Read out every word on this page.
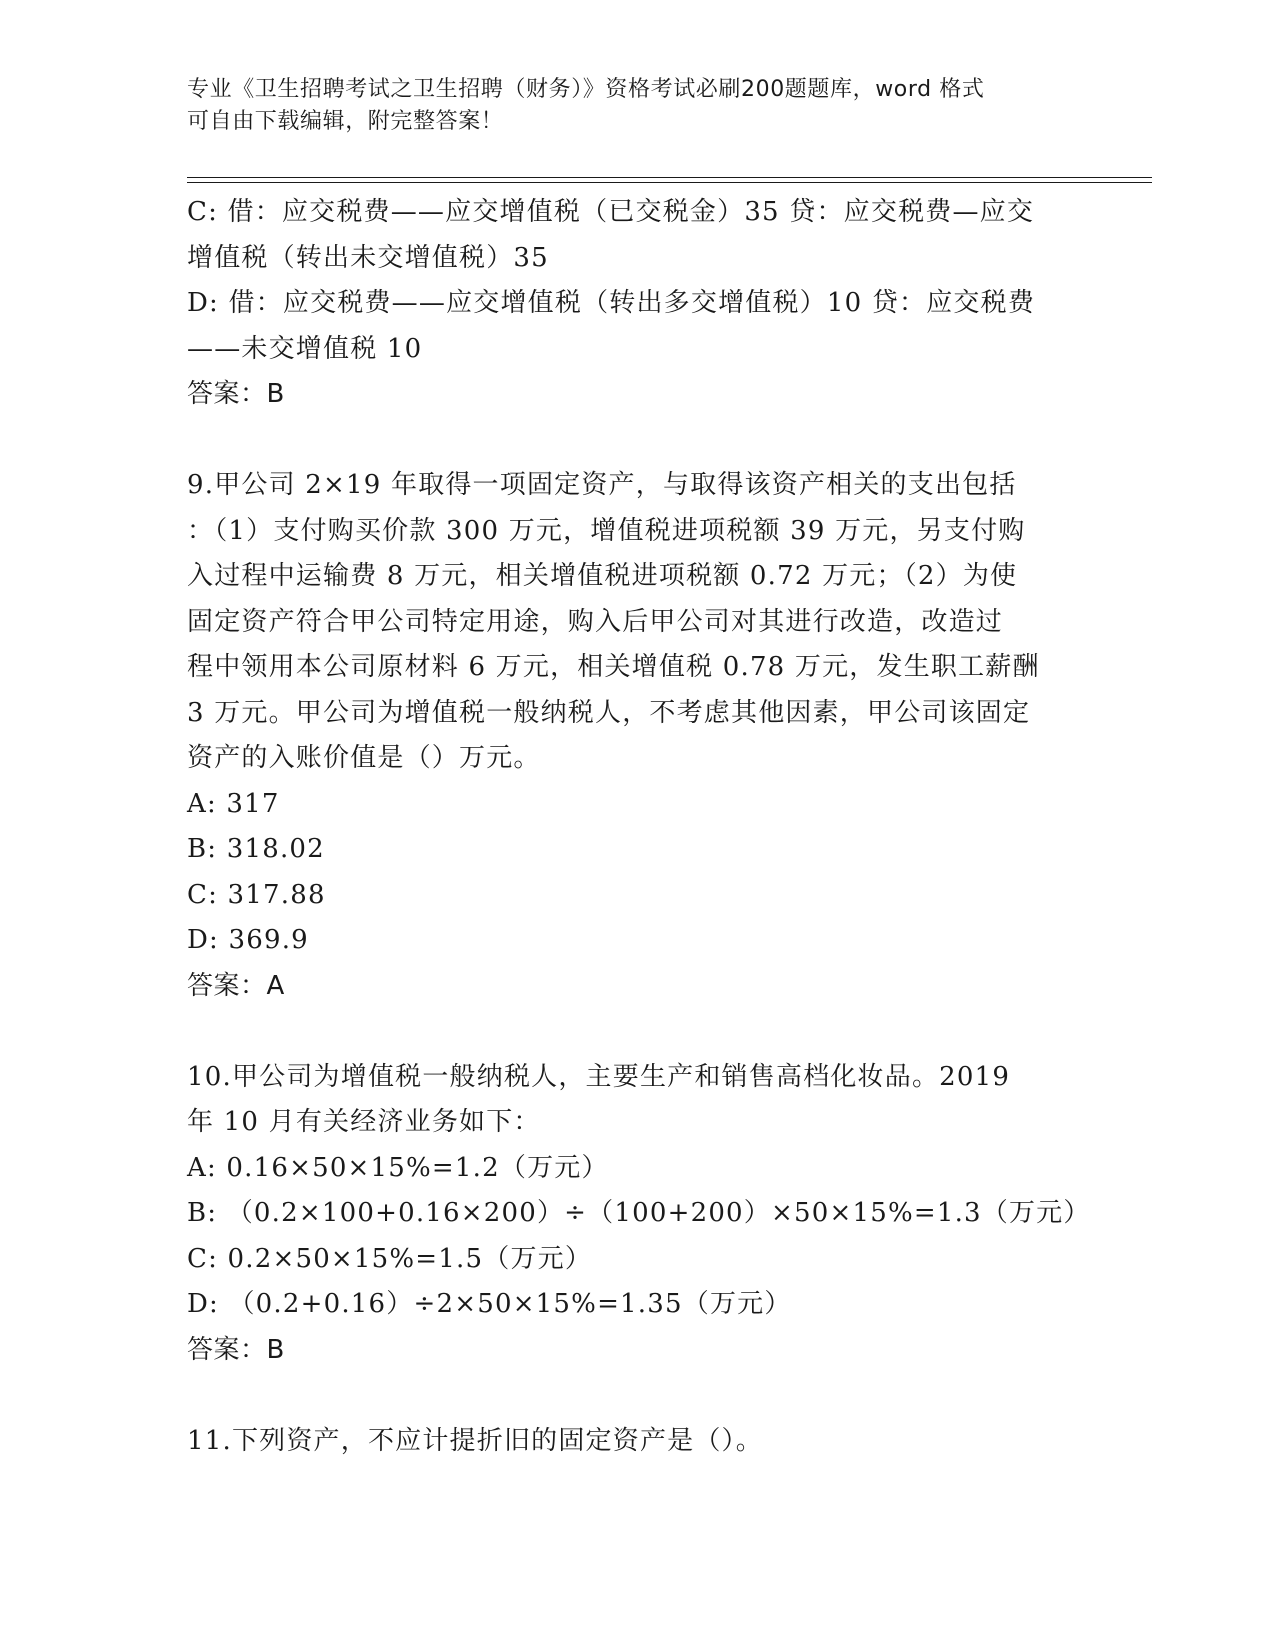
专业《卫生招聘考试之卫生招聘（财务）》资格考试必刷200题题库，word 格式
可自由下载编辑，附完整答案！
C: 借：应交税费——应交增值税（已交税金）35 贷：应交税费—应交
增值税（转出未交增值税）35
D: 借：应交税费——应交增值税（转出多交增值税）10 贷：应交税费
——未交增值税 10
答案：B
9.甲公司 2×19 年取得一项固定资产，与取得该资产相关的支出包括
：（1）支付购买价款 300 万元，增值税进项税额 39 万元，另支付购
入过程中运输费 8 万元，相关增值税进项税额 0.72 万元；（2）为使
固定资产符合甲公司特定用途，购入后甲公司对其进行改造，改造过
程中领用本公司原材料 6 万元，相关增值税 0.78 万元，发生职工薪酬
3 万元。甲公司为增值税一般纳税人，不考虑其他因素，甲公司该固定
资产的入账价值是（）万元。
A: 317
B: 318.02
C: 317.88
D: 369.9
答案：A
10.甲公司为增值税一般纳税人，主要生产和销售高档化妆品。2019
年 10 月有关经济业务如下：
A: 0.16×50×15%=1.2（万元）
B: （0.2×100+0.16×200）÷（100+200）×50×15%=1.3（万元）
C: 0.2×50×15%=1.5（万元）
D: （0.2+0.16）÷2×50×15%=1.35（万元）
答案：B
11.下列资产，不应计提折旧的固定资产是（）。
